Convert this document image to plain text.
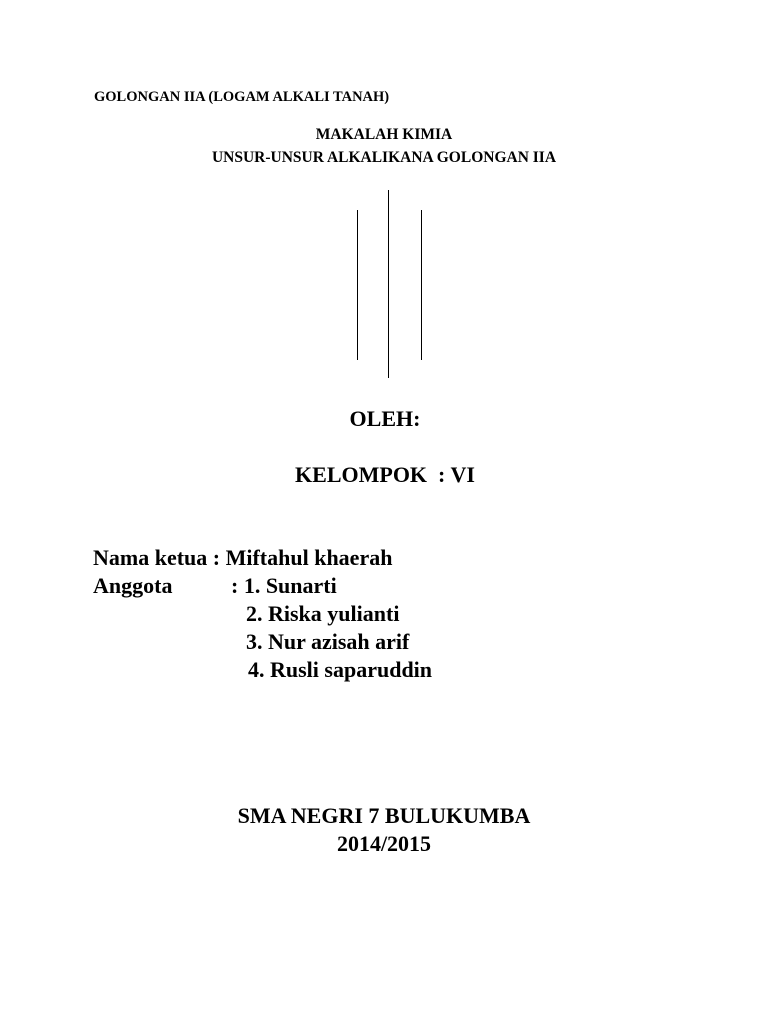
GOLONGAN IIA (LOGAM ALKALI TANAH)
MAKALAH KIMIA
UNSUR-UNSUR ALKALIKANA GOLONGAN IIA
OLEH:
KELOMPOK  : VI
Nama ketua : Miftahul khaerah
Anggota	: 1. Sunarti
2. Riska yulianti
3. Nur azisah arif
4. Rusli saparuddin
SMA NEGRI 7 BULUKUMBA
2014/2015
